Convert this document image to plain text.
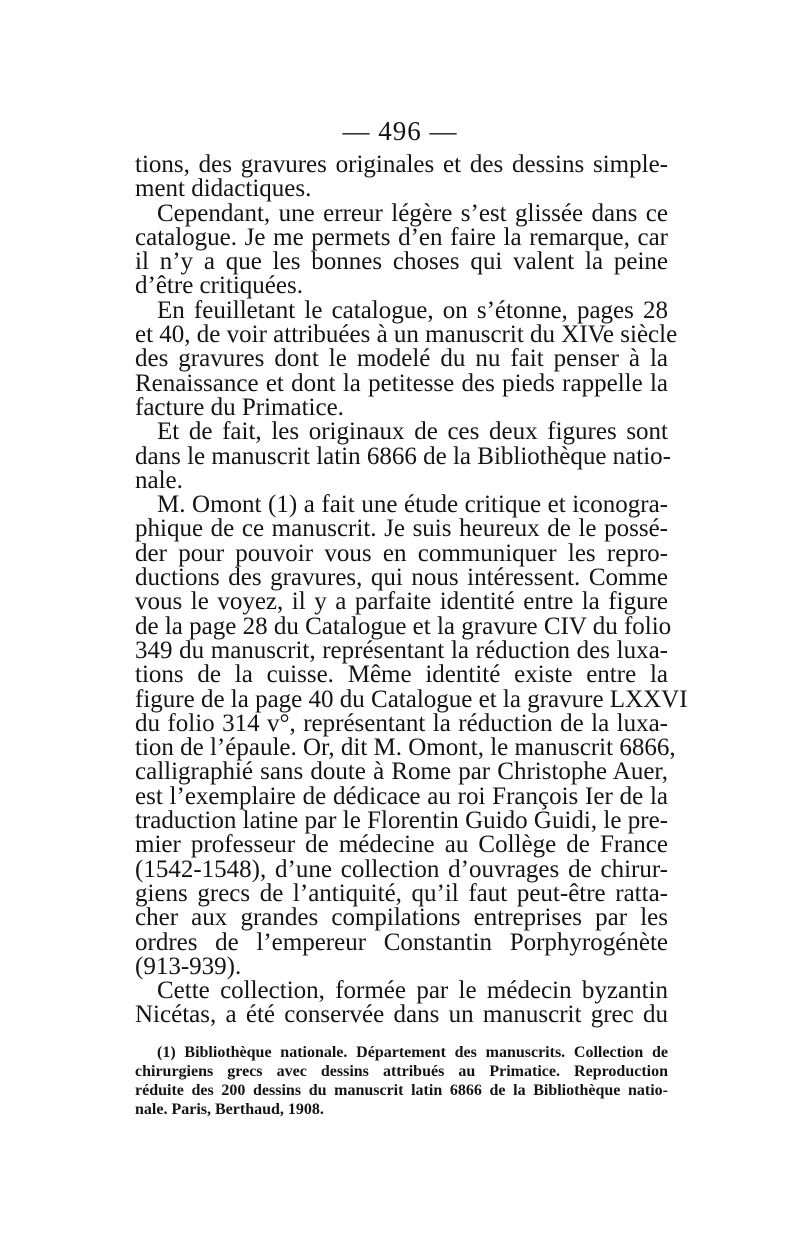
— 496 —
tions, des gravures originales et des dessins simple-
ment didactiques.
Cependant, une erreur légère s’est glissée dans ce
catalogue. Je me permets d’en faire la remarque, car
il n’y a que les bonnes choses qui valent la peine
d’être critiquées.
En feuilletant le catalogue, on s’étonne, pages 28
et 40, de voir attribuées à un manuscrit du XIVe siècle
des gravures dont le modelé du nu fait penser à la
Renaissance et dont la petitesse des pieds rappelle la
facture du Primatice.
Et de fait, les originaux de ces deux figures sont
dans le manuscrit latin 6866 de la Bibliothèque natio-
nale.
M. Omont (1) a fait une étude critique et iconogra-
phique de ce manuscrit. Je suis heureux de le possé-
der pour pouvoir vous en communiquer les repro-
ductions des gravures, qui nous intéressent. Comme
vous le voyez, il y a parfaite identité entre la figure
de la page 28 du Catalogue et la gravure CIV du folio
349 du manuscrit, représentant la réduction des luxa-
tions de la cuisse. Même identité existe entre la
figure de la page 40 du Catalogue et la gravure LXXVI
du folio 314 v°, représentant la réduction de la luxa-
tion de l’épaule. Or, dit M. Omont, le manuscrit 6866,
calligraphié sans doute à Rome par Christophe Auer,
est l’exemplaire de dédicace au roi François Ier de la
traduction latine par le Florentin Guido Guidi, le pre-
mier professeur de médecine au Collège de France
(1542-1548), d’une collection d’ouvrages de chirur-
giens grecs de l’antiquité, qu’il faut peut-être ratta-
cher aux grandes compilations entreprises par les
ordres de l’empereur Constantin Porphyrogénète
(913-939).
Cette collection, formée par le médecin byzantin
Nicétas, a été conservée dans un manuscrit grec du
(1) Bibliothèque nationale. Département des manuscrits. Collection de
chirurgiens grecs avec dessins attribués au Primatice. Reproduction
réduite des 200 dessins du manuscrit latin 6866 de la Bibliothèque natio-
nale. Paris, Berthaud, 1908.
